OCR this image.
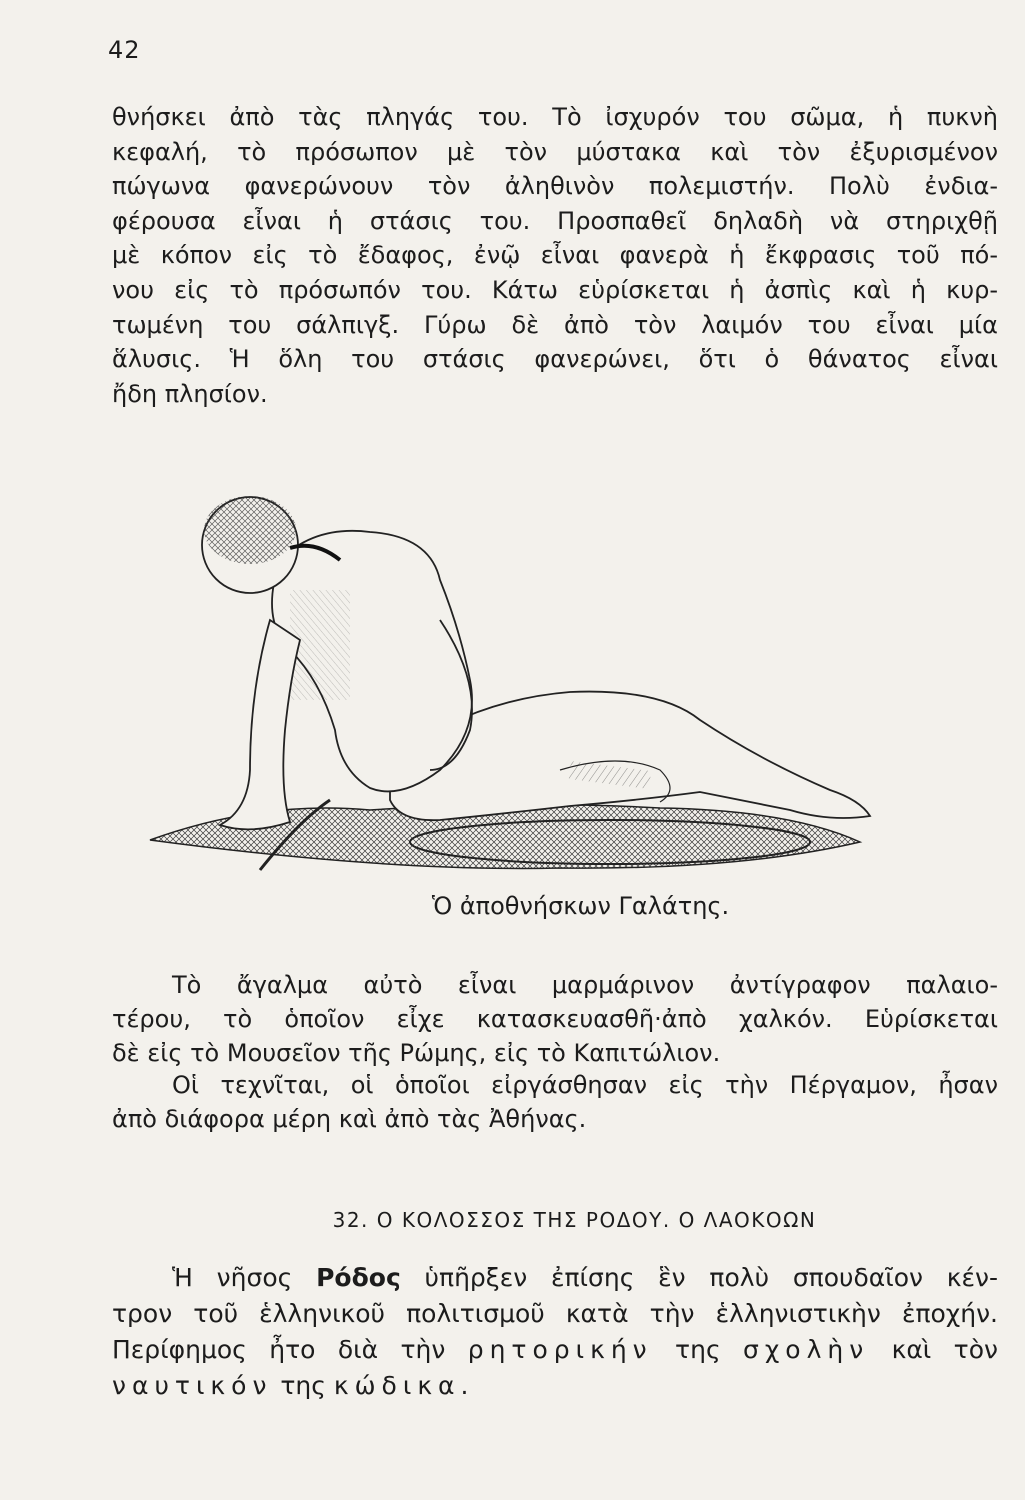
42

θνήσκει ἀπὸ τὰς πληγάς του. Τὸ ἰσχυρόν του σῶμα, ἡ πυκνὴ
κεφαλή, τὸ πρόσωπον μὲ τὸν μύστακα καὶ τὸν ἐξυρισμένον
πώγωνα φανερώνουν τὸν ἀληθινὸν πολεμιστήν. Πολὺ ἐνδια-
φέρουσα εἶναι ἡ στάσις του. Προσπαθεῖ δηλαδὴ νὰ στηριχθῇ
μὲ κόπον εἰς τὸ ἔδαφος, ἐνῷ εἶναι φανερὰ ἡ ἔκφρασις τοῦ πό-
νου εἰς τὸ πρόσωπόν του. Κάτω εὑρίσκεται ἡ ἀσπὶς καὶ ἡ κυρ-
τωμένη του σάλπιγξ. Γύρω δὲ ἀπὸ τὸν λαιμόν του εἶναι μία
ἅλυσις. Ἡ ὅλη του στάσις φανερώνει, ὅτι ὁ θάνατος εἶναι
ἤδη πλησίον.

Ὁ ἀποθνήσκων Γαλάτης.

Τὸ ἄγαλμα αὐτὸ εἶναι μαρμάρινον ἀντίγραφον παλαιο-
τέρου, τὸ ὁποῖον εἶχε κατασκευασθῆ·ἀπὸ χαλκόν. Εὑρίσκεται
δὲ εἰς τὸ Μουσεῖον τῆς Ρώμης, εἰς τὸ Καπιτώλιον.

Οἱ τεχνῖται, οἱ ὁποῖοι εἰργάσθησαν εἰς τὴν Πέργαμον, ἦσαν
ἀπὸ διάφορα μέρη καὶ ἀπὸ τὰς Ἀθήνας.

32. Ο ΚΟΛΟΣΣΟΣ ΤΗΣ ΡΟΔΟΥ. Ο ΛΑΟΚΟΩΝ

Ἡ νῆσος Ρόδος ὑπῆρξεν ἐπίσης ἓν πολὺ σπουδαῖον κέν-
τρον τοῦ ἑλληνικοῦ πολιτισμοῦ κατὰ τὴν ἑλληνιστικὴν ἐποχήν.
Περίφημος ἦτο διὰ τὴν ρητορικήν της σχολὴν καὶ τὸν
ναυτικόν της κώδικα.
